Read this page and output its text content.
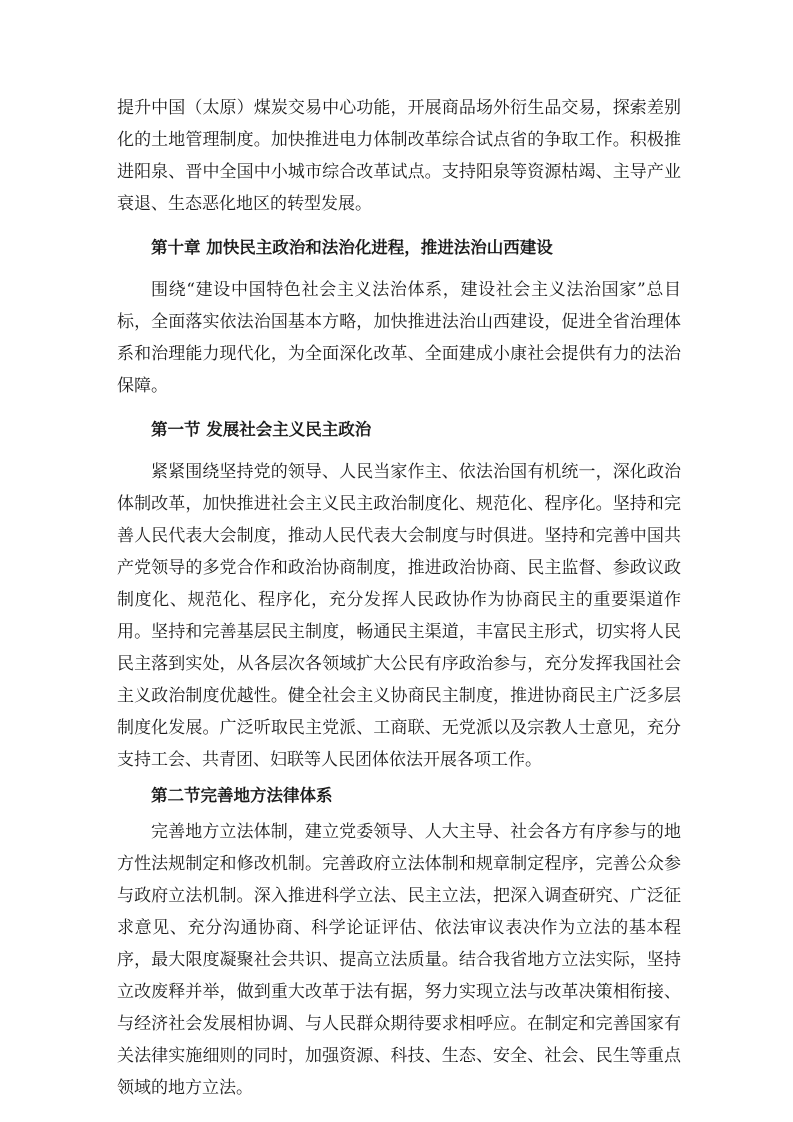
提升中国（太原）煤炭交易中心功能，开展商品场外衍生品交易，探索差别化的土地管理制度。加快推进电力体制改革综合试点省的争取工作。积极推进阳泉、晋中全国中小城市综合改革试点。支持阳泉等资源枯竭、主导产业衰退、生态恶化地区的转型发展。

第十章 加快民主政治和法治化进程，推进法治山西建设

围绕“建设中国特色社会主义法治体系，建设社会主义法治国家”总目标，全面落实依法治国基本方略，加快推进法治山西建设，促进全省治理体系和治理能力现代化，为全面深化改革、全面建成小康社会提供有力的法治保障。

第一节 发展社会主义民主政治

紧紧围绕坚持党的领导、人民当家作主、依法治国有机统一，深化政治体制改革，加快推进社会主义民主政治制度化、规范化、程序化。坚持和完善人民代表大会制度，推动人民代表大会制度与时俱进。坚持和完善中国共产党领导的多党合作和政治协商制度，推进政治协商、民主监督、参政议政制度化、规范化、程序化，充分发挥人民政协作为协商民主的重要渠道作用。坚持和完善基层民主制度，畅通民主渠道，丰富民主形式，切实将人民民主落到实处，从各层次各领域扩大公民有序政治参与，充分发挥我国社会主义政治制度优越性。健全社会主义协商民主制度，推进协商民主广泛多层制度化发展。广泛听取民主党派、工商联、无党派以及宗教人士意见，充分支持工会、共青团、妇联等人民团体依法开展各项工作。

第二节完善地方法律体系

完善地方立法体制，建立党委领导、人大主导、社会各方有序参与的地方性法规制定和修改机制。完善政府立法体制和规章制定程序，完善公众参与政府立法机制。深入推进科学立法、民主立法，把深入调查研究、广泛征求意见、充分沟通协商、科学论证评估、依法审议表决作为立法的基本程序，最大限度凝聚社会共识、提高立法质量。结合我省地方立法实际，坚持立改废释并举，做到重大改革于法有据，努力实现立法与改革决策相衔接、与经济社会发展相协调、与人民群众期待要求相呼应。在制定和完善国家有关法律实施细则的同时，加强资源、科技、生态、安全、社会、民生等重点领域的地方立法。
